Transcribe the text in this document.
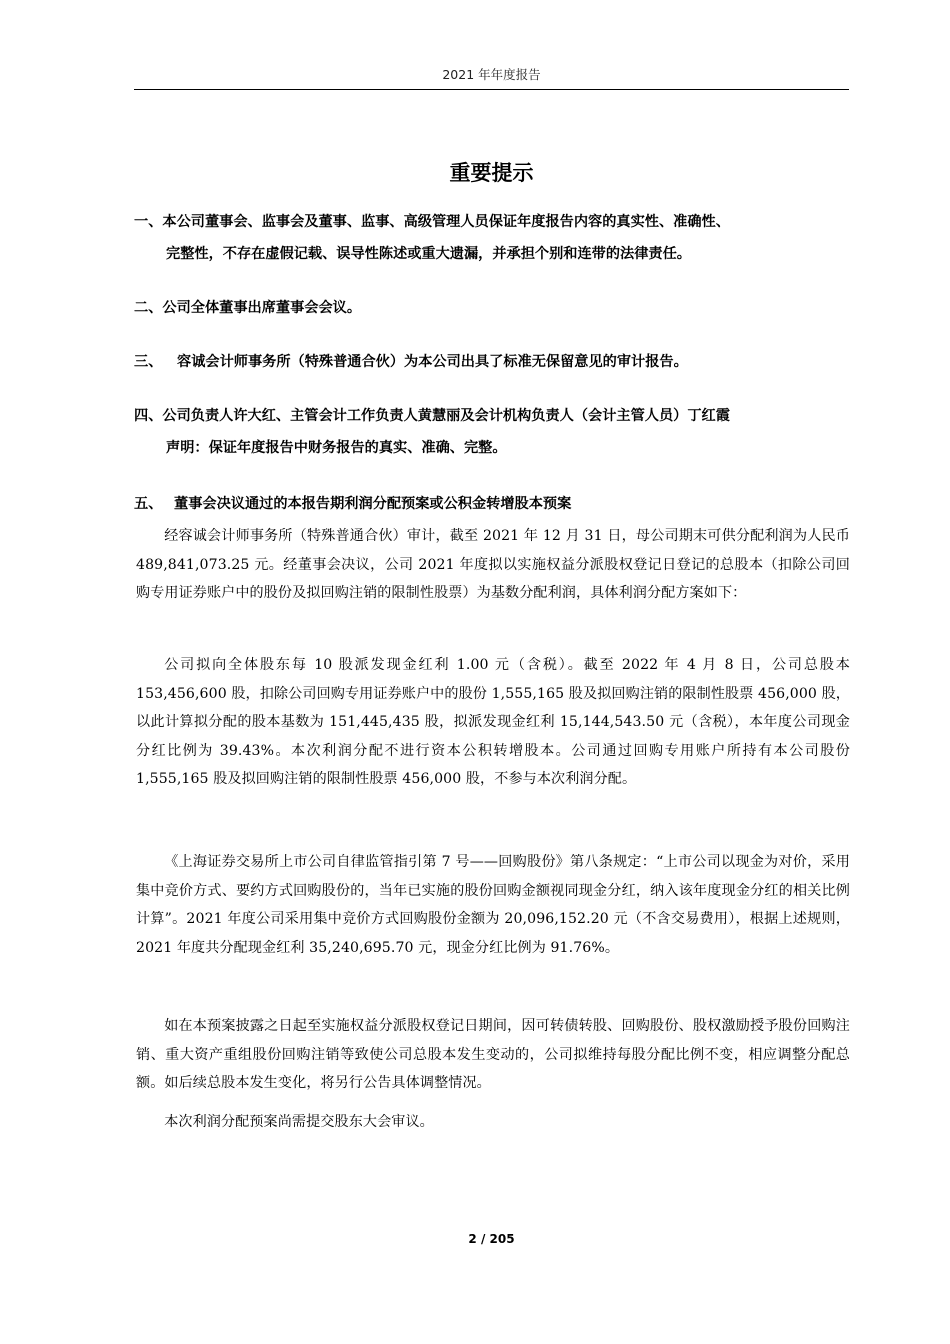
2021 年年度报告
重要提示
一、本公司董事会、监事会及董事、监事、高级管理人员保证年度报告内容的真实性、准确性、
完整性，不存在虚假记载、误导性陈述或重大遗漏，并承担个别和连带的法律责任。
二、公司全体董事出席董事会会议。
三、 容诚会计师事务所（特殊普通合伙）为本公司出具了标准无保留意见的审计报告。
四、公司负责人许大红、主管会计工作负责人黄慧丽及会计机构负责人（会计主管人员）丁红霞
声明：保证年度报告中财务报告的真实、准确、完整。
五、 董事会决议通过的本报告期利润分配预案或公积金转增股本预案
经容诚会计师事务所（特殊普通合伙）审计，截至 2021 年 12 月 31 日，母公司期末可供分配利润为人民币 489,841,073.25 元。经董事会决议，公司 2021 年度拟以实施权益分派股权登记日登记的总股本（扣除公司回购专用证券账户中的股份及拟回购注销的限制性股票）为基数分配利润，具体利润分配方案如下：
公司拟向全体股东每 10 股派发现金红利 1.00 元（含税）。截至 2022 年 4 月 8 日，公司总股本 153,456,600 股，扣除公司回购专用证券账户中的股份 1,555,165 股及拟回购注销的限制性股票 456,000 股，以此计算拟分配的股本基数为 151,445,435 股，拟派发现金红利 15,144,543.50 元（含税），本年度公司现金分红比例为 39.43%。本次利润分配不进行资本公积转增股本。公司通过回购专用账户所持有本公司股份 1,555,165 股及拟回购注销的限制性股票 456,000 股，不参与本次利润分配。
《上海证券交易所上市公司自律监管指引第 7 号——回购股份》第八条规定：“上市公司以现金为对价，采用集中竞价方式、要约方式回购股份的，当年已实施的股份回购金额视同现金分红，纳入该年度现金分红的相关比例计算”。2021 年度公司采用集中竞价方式回购股份金额为 20,096,152.20 元（不含交易费用），根据上述规则，2021 年度共分配现金红利 35,240,695.70 元，现金分红比例为 91.76%。
如在本预案披露之日起至实施权益分派股权登记日期间，因可转债转股、回购股份、股权激励授予股份回购注销、重大资产重组股份回购注销等致使公司总股本发生变动的，公司拟维持每股分配比例不变，相应调整分配总额。如后续总股本发生变化，将另行公告具体调整情况。
本次利润分配预案尚需提交股东大会审议。
2 / 205
